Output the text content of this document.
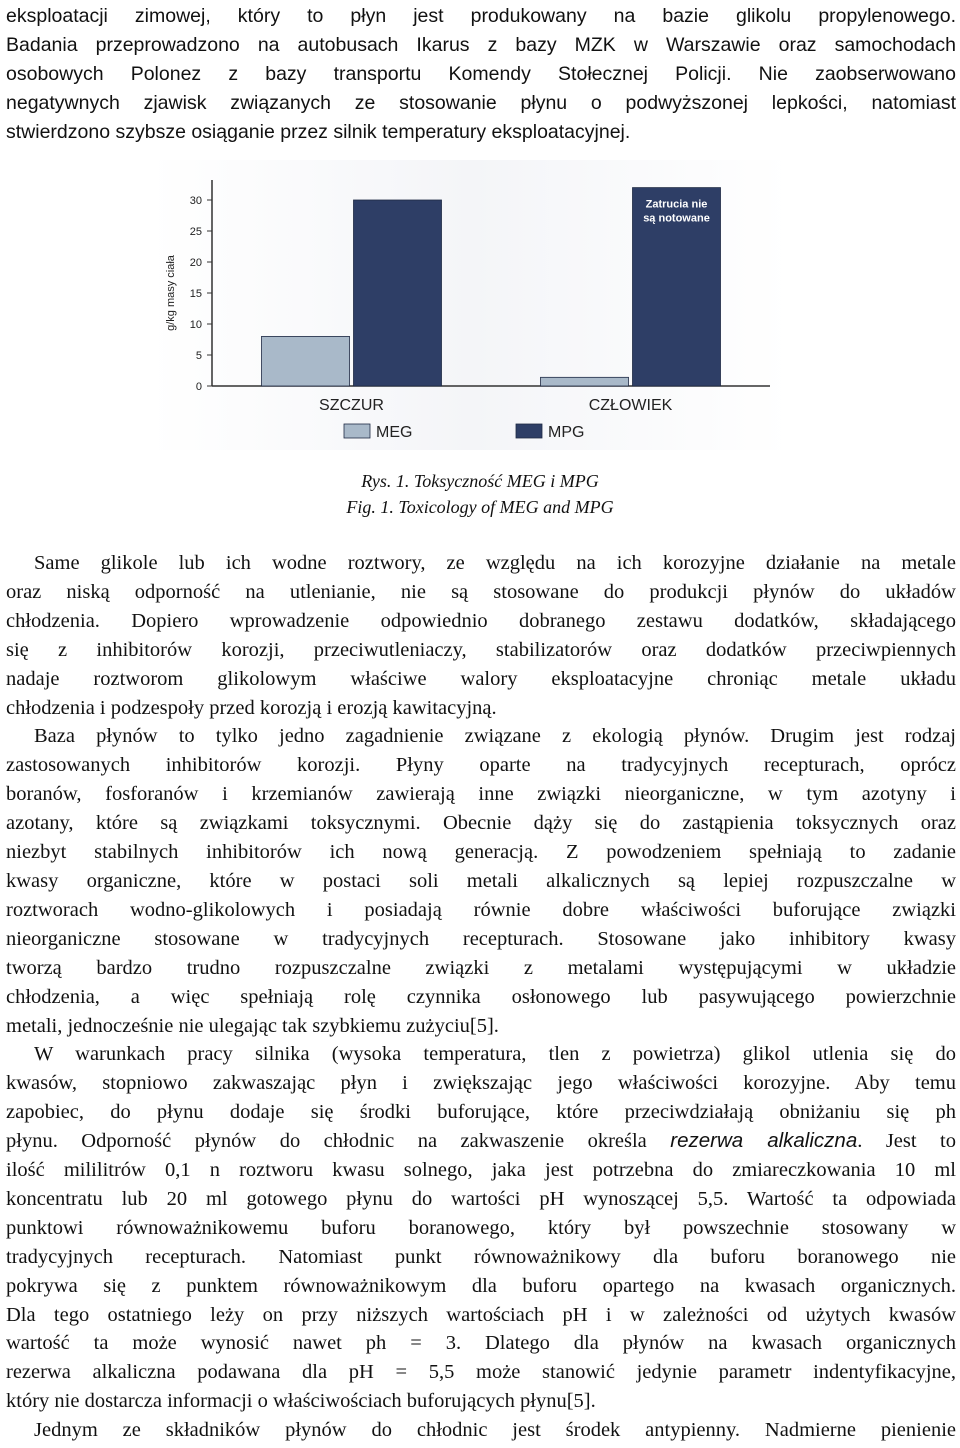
eksploatacji zimowej, który to płyn jest produkowany na bazie glikolu propylenowego.
Badania przeprowadzono na autobusach Ikarus z bazy MZK w Warszawie oraz samochodach
osobowych Polonez z bazy transportu Komendy Stołecznej Policji. Nie zaobserwowano
negatywnych zjawisk związanych ze stosowanie płynu o podwyższonej lepkości, natomiast
stwierdzono szybsze osiąganie przez silnik temperatury eksploatacyjnej.
0
5
10
15
20
25
30
g/kg masy ciała
SZCZUR
Zatrucia nie
są notowane
CZŁOWIEK
MEG	MPG
Rys. 1. Toksyczność MEG i MPG
Fig. 1. Toxicology of MEG and MPG
Same glikole lub ich wodne roztwory, ze względu na ich korozyjne działanie na metale
oraz niską odporność na utlenianie, nie są stosowane do produkcji płynów do układów
chłodzenia. Dopiero wprowadzenie odpowiednio dobranego zestawu dodatków, składającego
się z inhibitorów korozji, przeciwutleniaczy, stabilizatorów oraz dodatków przeciwpiennych
nadaje roztworom glikolowym właściwe walory eksploatacyjne chroniąc metale układu
chłodzenia i podzespoły przed korozją i erozją kawitacyjną.
Baza płynów to tylko jedno zagadnienie związane z ekologią płynów. Drugim jest rodzaj
zastosowanych inhibitorów korozji. Płyny oparte na tradycyjnych recepturach, oprócz
boranów, fosforanów i krzemianów zawierają inne związki nieorganiczne, w tym azotyny i
azotany, które są związkami toksycznymi. Obecnie dąży się do zastąpienia toksycznych oraz
niezbyt stabilnych inhibitorów ich nową generacją. Z powodzeniem spełniają to zadanie
kwasy organiczne, które w postaci soli metali alkalicznych są lepiej rozpuszczalne w
roztworach wodno-glikolowych i posiadają równie dobre właściwości buforujące związki
nieorganiczne stosowane w tradycyjnych recepturach. Stosowane jako inhibitory kwasy
tworzą bardzo trudno rozpuszczalne związki z metalami występującymi w układzie
chłodzenia, a więc spełniają rolę czynnika osłonowego lub pasywującego powierzchnie
metali, jednocześnie nie ulegając tak szybkiemu zużyciu[5].
W warunkach pracy silnika (wysoka temperatura, tlen z powietrza) glikol utlenia się do
kwasów, stopniowo zakwaszając płyn i zwiększając jego właściwości korozyjne. Aby temu
zapobiec, do płynu dodaje się środki buforujące, które przeciwdziałają obniżaniu się ph
płynu. Odporność płynów do chłodnic na zakwaszenie określa rezerwa alkaliczna. Jest to
ilość mililitrów 0,1 n roztworu kwasu solnego, jaka jest potrzebna do zmiareczkowania 10 ml
koncentratu lub 20 ml gotowego płynu do wartości pH wynoszącej 5,5. Wartość ta odpowiada
punktowi równoważnikowemu buforu boranowego, który był powszechnie stosowany w
tradycyjnych recepturach. Natomiast punkt równoważnikowy dla buforu boranowego nie
pokrywa się z punktem równoważnikowym dla buforu opartego na kwasach organicznych.
Dla tego ostatniego leży on przy niższych wartościach pH i w zależności od użytych kwasów
wartość ta może wynosić nawet ph = 3. Dlatego dla płynów na kwasach organicznych
rezerwa alkaliczna podawana dla pH = 5,5 może stanowić jedynie parametr indentyfikacyjne,
który nie dostarcza informacji o właściwościach buforujących płynu[5].
Jednym ze składników płynów do chłodnic jest środek antypienny. Nadmierne pienienie
